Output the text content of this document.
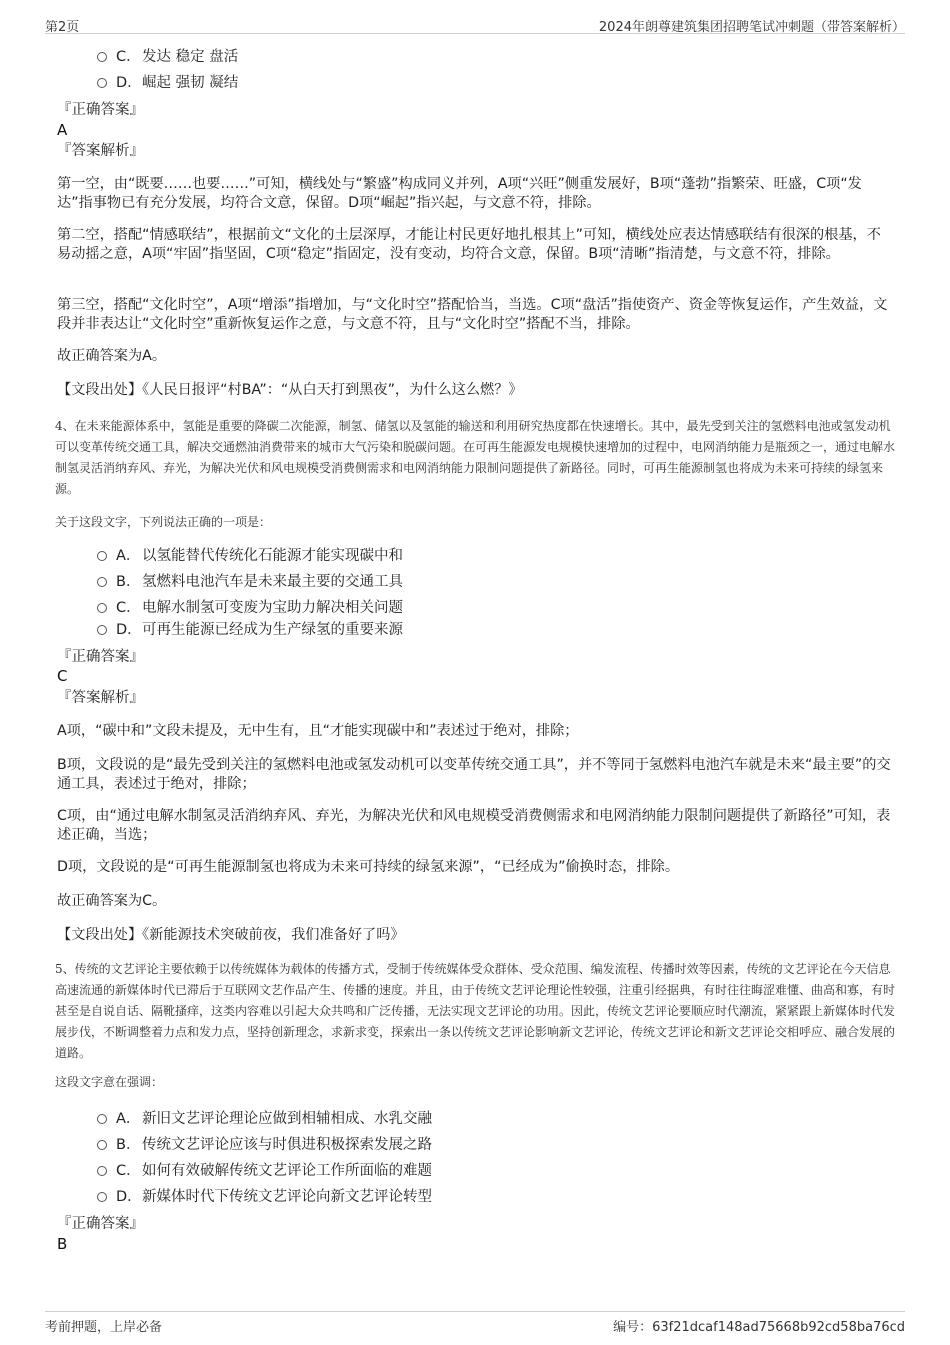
第2页	2024年朗尊建筑集团招聘笔试冲刺题（带答案解析）
C．发达 稳定 盘活
D．崛起 强韧 凝结
『正确答案』
A
『答案解析』
第一空，由“既要……也要……”可知，横线处与“繁盛”构成同义并列，A项“兴旺”侧重发展好，B项“蓬勃”指繁荣、旺盛，C项“发达”指事物已有充分发展，均符合文意，保留。D项“崛起”指兴起，与文意不符，排除。
第二空，搭配“情感联结”，根据前文“文化的土层深厚，才能让村民更好地扎根其上”可知，横线处应表达情感联结有很深的根基，不易动摇之意，A项“牢固”指坚固，C项“稳定”指固定，没有变动，均符合文意，保留。B项“清晰”指清楚，与文意不符，排除。
第三空，搭配“文化时空”，A项“增添”指增加，与“文化时空”搭配恰当，当选。C项“盘活”指使资产、资金等恢复运作，产生效益，文段并非表达让“文化时空”重新恢复运作之意，与文意不符，且与“文化时空”搭配不当，排除。
故正确答案为A。
【文段出处】《人民日报评“村BA”：“从白天打到黑夜”，为什么这么燃？》
4、在未来能源体系中，氢能是重要的降碳二次能源，制氢、储氢以及氢能的输送和利用研究热度都在快速增长。其中，最先受到关注的氢燃料电池或氢发动机可以变革传统交通工具，解决交通燃油消费带来的城市大气污染和脱碳问题。在可再生能源发电规模快速增加的过程中，电网消纳能力是瓶颈之一，通过电解水制氢灵活消纳弃风、弃光，为解决光伏和风电规模受消费侧需求和电网消纳能力限制问题提供了新路径。同时，可再生能源制氢也将成为未来可持续的绿氢来源。
关于这段文字，下列说法正确的一项是：
A． 以氢能替代传统化石能源才能实现碳中和
B． 氢燃料电池汽车是未来最主要的交通工具
C．电解水制氢可变废为宝助力解决相关问题
D．可再生能源已经成为生产绿氢的重要来源
『正确答案』
C
『答案解析』
A项，“碳中和”文段未提及，无中生有，且“才能实现碳中和”表述过于绝对，排除；
B项，文段说的是“最先受到关注的氢燃料电池或氢发动机可以变革传统交通工具”，并不等同于氢燃料电池汽车就是未来“最主要”的交通工具，表述过于绝对，排除；
C项，由“通过电解水制氢灵活消纳弃风、弃光，为解决光伏和风电规模受消费侧需求和电网消纳能力限制问题提供了新路径”可知，表述正确，当选；
D项，文段说的是“可再生能源制氢也将成为未来可持续的绿氢来源”，“已经成为”偷换时态，排除。
故正确答案为C。
【文段出处】《新能源技术突破前夜，我们准备好了吗》
5、传统的文艺评论主要依赖于以传统媒体为载体的传播方式，受制于传统媒体受众群体、受众范围、编发流程、传播时效等因素，传统的文艺评论在今天信息高速流通的新媒体时代已滞后于互联网文艺作品产生、传播的速度。并且，由于传统文艺评论理论性较强，注重引经据典，有时往往晦涩难懂、曲高和寡，有时甚至是自说自话、隔靴搔痒，这类内容难以引起大众共鸣和广泛传播，无法实现文艺评论的功用。因此，传统文艺评论要顺应时代潮流，紧紧跟上新媒体时代发展步伐，不断调整着力点和发力点，坚持创新理念，求新求变，探索出一条以传统文艺评论影响新文艺评论，传统文艺评论和新文艺评论交相呼应、融合发展的道路。
这段文字意在强调：
A． 新旧文艺评论理论应做到相辅相成、水乳交融
B． 传统文艺评论应该与时俱进积极探索发展之路
C．如何有效破解传统文艺评论工作所面临的难题
D．新媒体时代下传统文艺评论向新文艺评论转型
『正确答案』
B
考前押题，上岸必备	编号：63f21dcaf148ad75668b92cd58ba76cd
